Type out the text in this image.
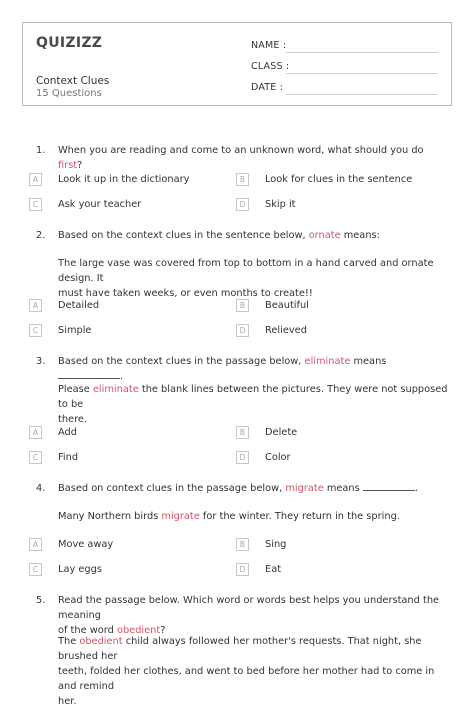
QUIZIZZ
Context Clues
15 Questions
NAME :
CLASS :
DATE :
1. When you are reading and come to an unknown word, what should you do first?
A	Look it up in the dictionary	B	Look for clues in the sentence
C	Ask your teacher	D	Skip it
2. Based on the context clues in the sentence below, ornate means:
The large vase was covered from top to bottom in a hand carved and ornate design. It
must have taken weeks, or even months to create!!
A	Detailed	B	Beautiful
C	Simple	D	Relieved
3. Based on the context clues in the passage below, eliminate means .
Please eliminate the blank lines between the pictures. They were not supposed to be
there.
A	Add	B	Delete
C	Find	D	Color
4. Based on context clues in the passage below, migrate means	.
Many Northern birds migrate for the winter. They return in the spring.
A	Move away	B	Sing
C	Lay eggs	D	Eat
5. Read the passage below. Which word or words best helps you understand the meaning
of the word obedient?
The obedient child always followed her mother's requests. That night, she brushed her
teeth, folded her clothes, and went to bed before her mother had to come in and remind
her.
